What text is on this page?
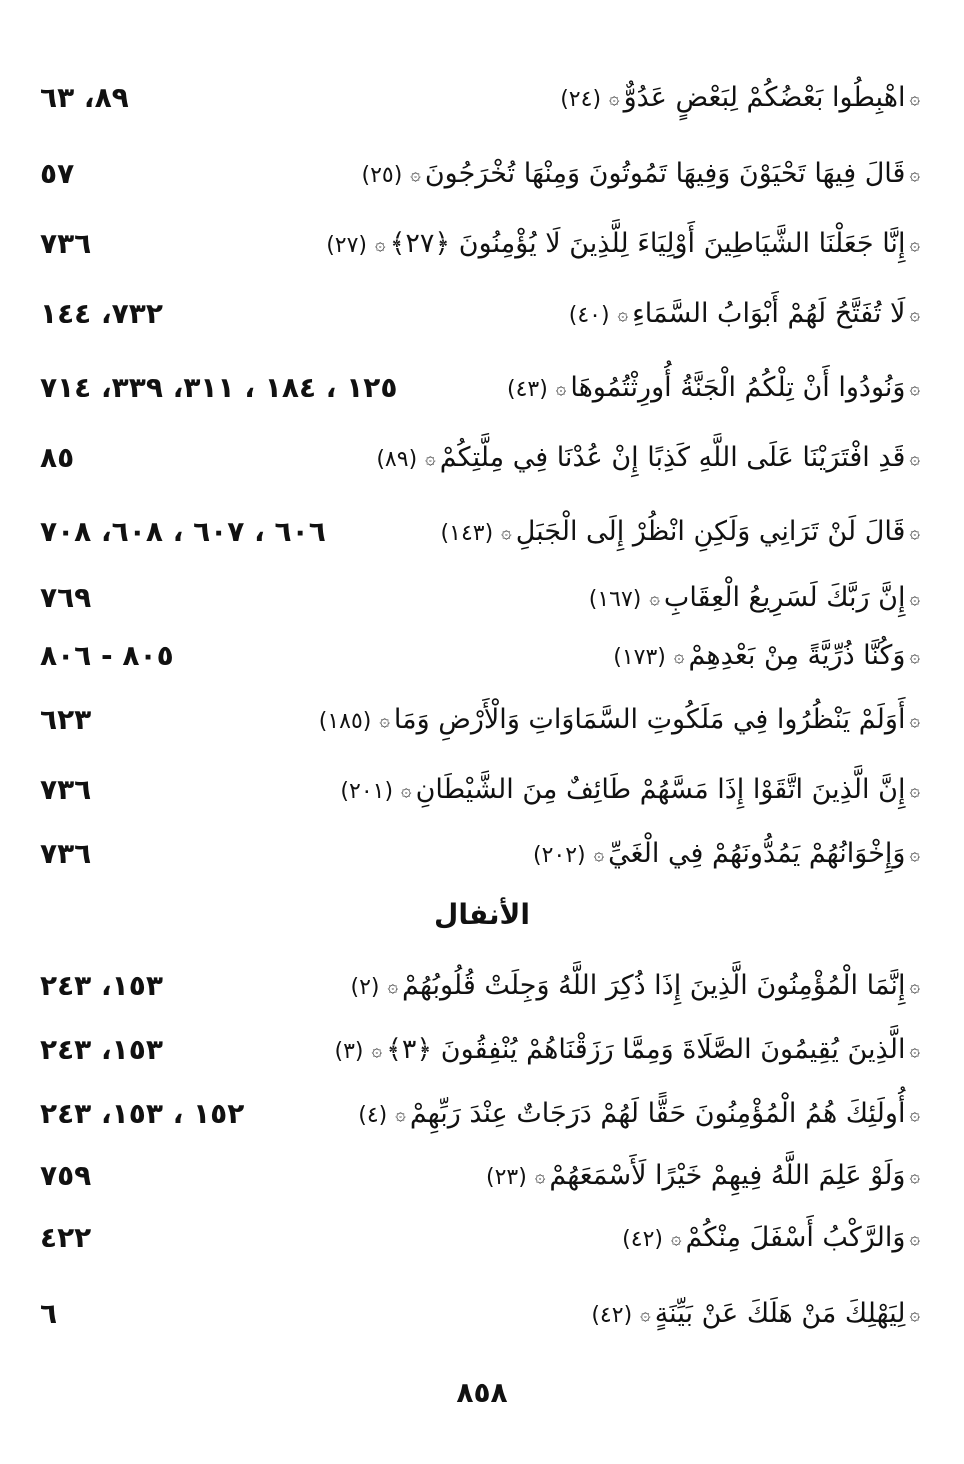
۞اهْبِطُوا بَعْضُكُمْ لِبَعْضٍ عَدُوٌّ۞(٢٤)
٨٩، ٦٣
۞قَالَ فِيهَا تَحْيَوْنَ وَفِيهَا تَمُوتُونَ وَمِنْهَا تُخْرَجُونَ۞(٢٥)
٥٧
۞إِنَّا جَعَلْنَا الشَّيَاطِينَ أَوْلِيَاءَ لِلَّذِينَ لَا يُؤْمِنُونَ ﴿٢٧﴾۞(٢٧)
٧٣٦
۞لَا تُفَتَّحُ لَهُمْ أَبْوَابُ السَّمَاءِ۞(٤٠)
٧٣٢، ١٤٤
۞وَنُودُوا أَنْ تِلْكُمُ الْجَنَّةُ أُورِثْتُمُوهَا۞(٤٣)
١٢٥ ، ١٨٤ ، ٣١١، ٣٣٩، ٧١٤
۞قَدِ افْتَرَيْنَا عَلَى اللَّهِ كَذِبًا إِنْ عُدْنَا فِي مِلَّتِكُمْ۞(٨٩)
٨٥
۞قَالَ لَنْ تَرَانِي وَلَكِنِ انْظُرْ إِلَى الْجَبَلِ۞(١٤٣)
٦٠٦ ، ٦٠٧ ، ٦٠٨، ٧٠٨
۞إِنَّ رَبَّكَ لَسَرِيعُ الْعِقَابِ۞(١٦٧)
٧٦٩
۞وَكُنَّا ذُرِّيَّةً مِنْ بَعْدِهِمْ۞(١٧٣)
٨٠٥ - ٨٠٦
۞أَوَلَمْ يَنْظُرُوا فِي مَلَكُوتِ السَّمَاوَاتِ وَالْأَرْضِ وَمَا۞(١٨٥)
٦٢٣
۞إِنَّ الَّذِينَ اتَّقَوْا إِذَا مَسَّهُمْ طَائِفٌ مِنَ الشَّيْطَانِ۞(٢٠١)
٧٣٦
۞وَإِخْوَانُهُمْ يَمُدُّونَهُمْ فِي الْغَيِّ۞(٢٠٢)
٧٣٦
الأنفال
۞إِنَّمَا الْمُؤْمِنُونَ الَّذِينَ إِذَا ذُكِرَ اللَّهُ وَجِلَتْ قُلُوبُهُمْ۞(٢)
١٥٣، ٢٤٣
۞الَّذِينَ يُقِيمُونَ الصَّلَاةَ وَمِمَّا رَزَقْنَاهُمْ يُنْفِقُونَ ﴿٣﴾۞(٣)
١٥٣، ٢٤٣
۞أُولَئِكَ هُمُ الْمُؤْمِنُونَ حَقًّا لَهُمْ دَرَجَاتٌ عِنْدَ رَبِّهِمْ۞(٤)
١٥٢ ، ١٥٣، ٢٤٣
۞وَلَوْ عَلِمَ اللَّهُ فِيهِمْ خَيْرًا لَأَسْمَعَهُمْ۞(٢٣)
٧٥٩
۞وَالرَّكْبُ أَسْفَلَ مِنْكُمْ۞(٤٢)
٤٢٢
۞لِيَهْلِكَ مَنْ هَلَكَ عَنْ بَيِّنَةٍ۞(٤٢)
٦
٨٥٨
